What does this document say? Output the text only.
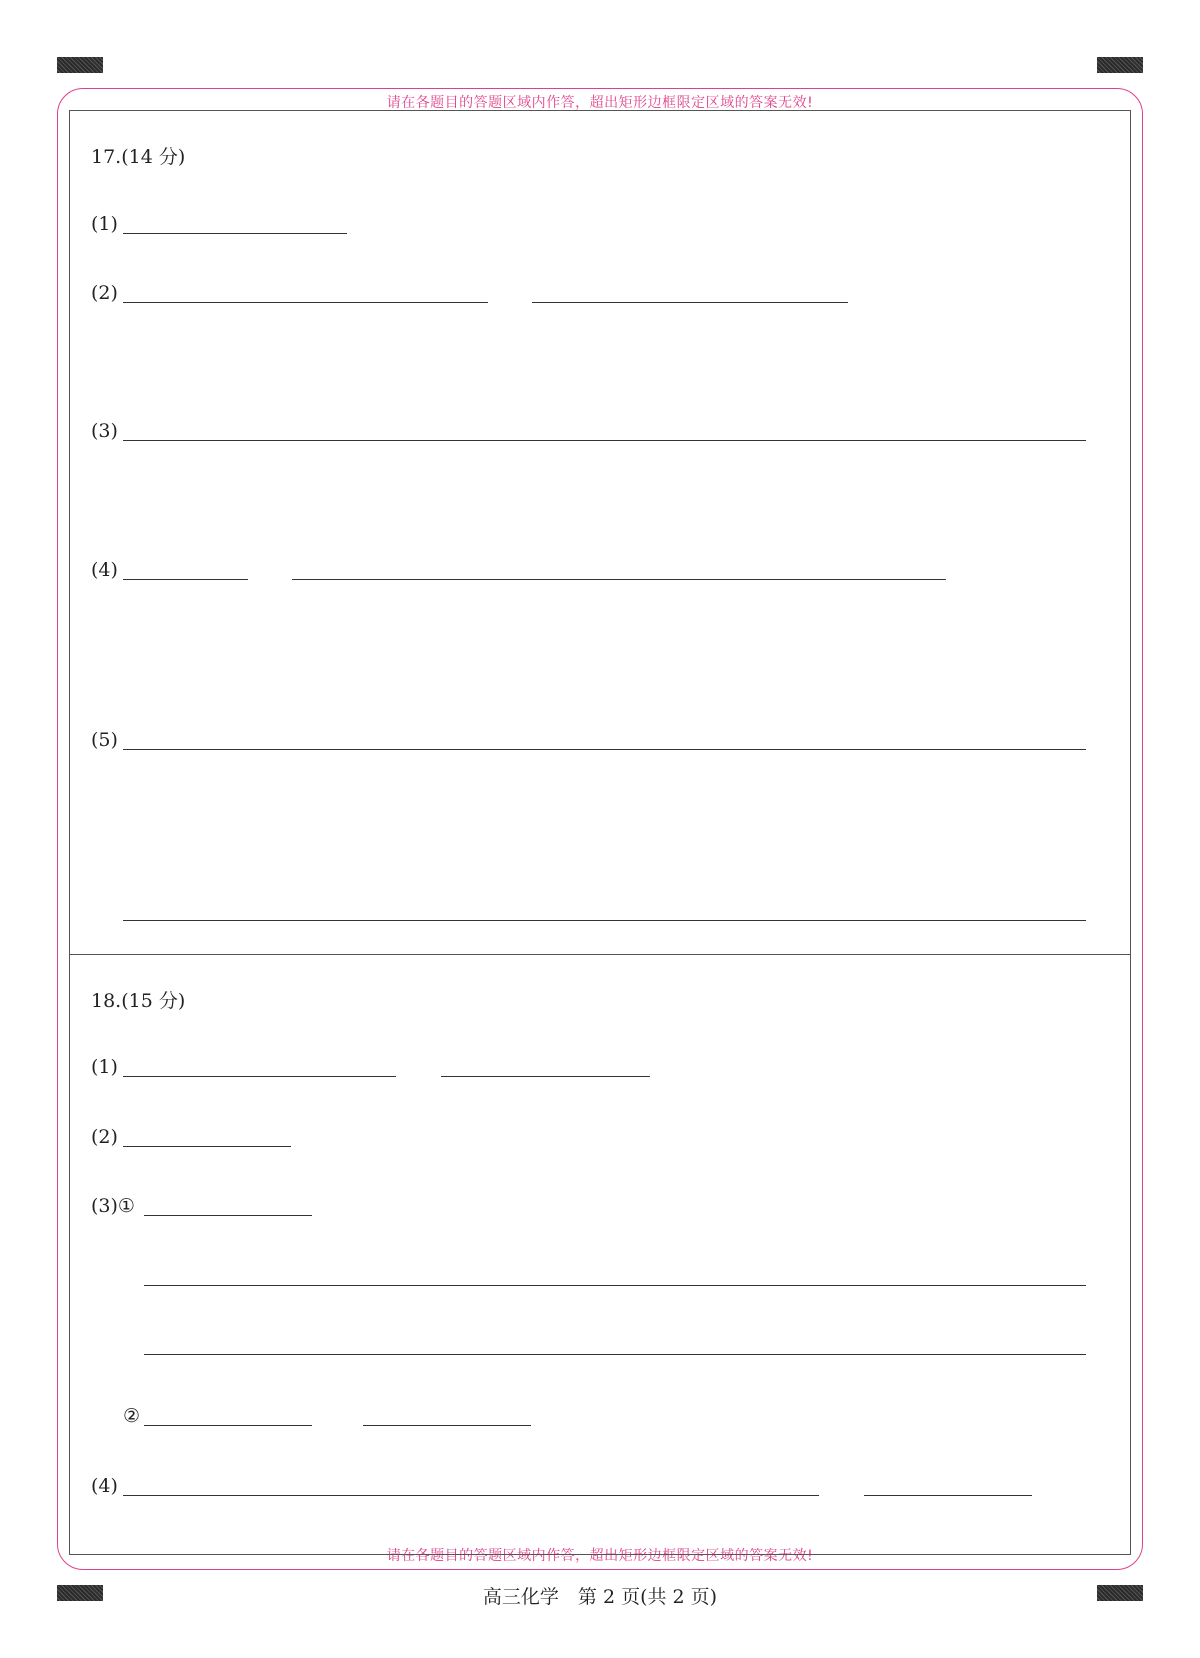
请在各题目的答题区域内作答，超出矩形边框限定区域的答案无效!
请在各题目的答题区域内作答，超出矩形边框限定区域的答案无效!
17.(14 分)
(1)
(2)
(3)
(4)
(5)
18.(15 分)
(1)
(2)
(3)①
②
(4)
高三化学　第 2 页(共 2 页)
